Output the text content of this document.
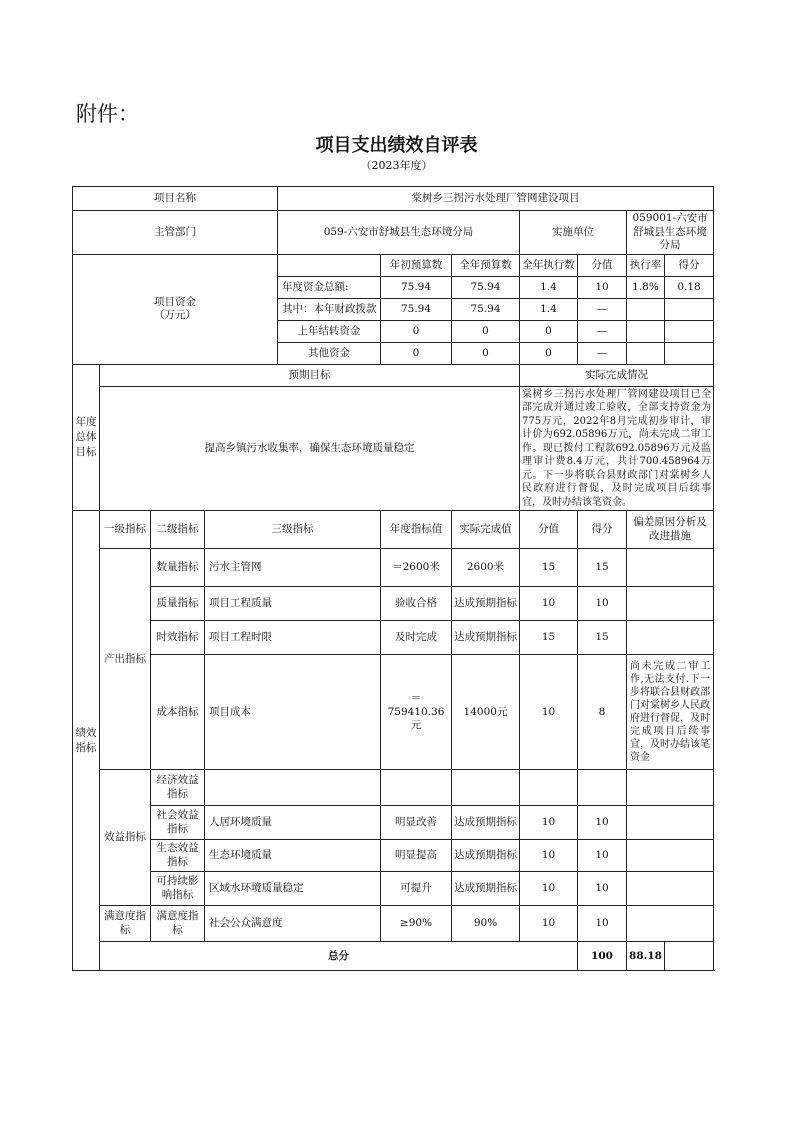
附件：
项目支出绩效自评表
（2023年度）
项目名称				棠树乡三拐污水处理厂管网建设项目						
主管部门				059-六安市舒城县生态环境分局			实施单位		059001-六安市舒城县生态环境分局	

项目资金
（万元）					年初预算数	全年预算数	全年执行数	分值	执行率	得分
				年度资金总额:	75.94	75.94	1.4	10	1.8%	0.18
				其中：本年财政拨款	75.94	75.94	1.4	—		
				上年结转资金	0	0	0	—		
				其他资金	0	0	0	—		
年度总体目标	预期目标						实际完成情况			
	提高乡镇污水收集率，确保生态环境质量稳定						棠树乡三拐污水处理厂管网建设项目已全部完成并通过竣工验收，全部支持资金为775万元，2022年8月完成初步审计，审计价为692.05896万元，尚未完成二审工作。现已拨付工程款692.05896万元及监理审计费8.4万元，共计700.458964万元。下一步将联合县财政部门对棠树乡人民政府进行督促，及时完成项目后续事宜，及时办结该笔资金。			
绩效指标	一级指标	二级指标	三级指标		年度指标值	实际完成值	分值	得分	偏差原因分析及改进措施	
	产出指标	数量指标	污水主管网		＝2600米	2600米	15	15		
		质量指标	项目工程质量		验收合格	达成预期指标	10	10		
		时效指标	项目工程时限		及时完成	达成预期指标	15	15		
		成本指标	项目成本		＝759410.36元	14000元	10	8	尚未完成二审工作,无法支付.下一步将联合县财政部门对棠树乡人民政府进行督促，及时完成项目后续事宜，及时办结该笔资金	
	效益指标	经济效益指标								
		社会效益指标	人居环境质量		明显改善	达成预期指标	10	10		
		生态效益指标	生态环境质量		明显提高	达成预期指标	10	10		
		可持续影响指标	区域水环境质量稳定		可提升	达成预期指标	10	10		
	满意度指标	满意度指标	社会公众满意度		≥90%	90%	10	10		
	总分							100	88.18	
